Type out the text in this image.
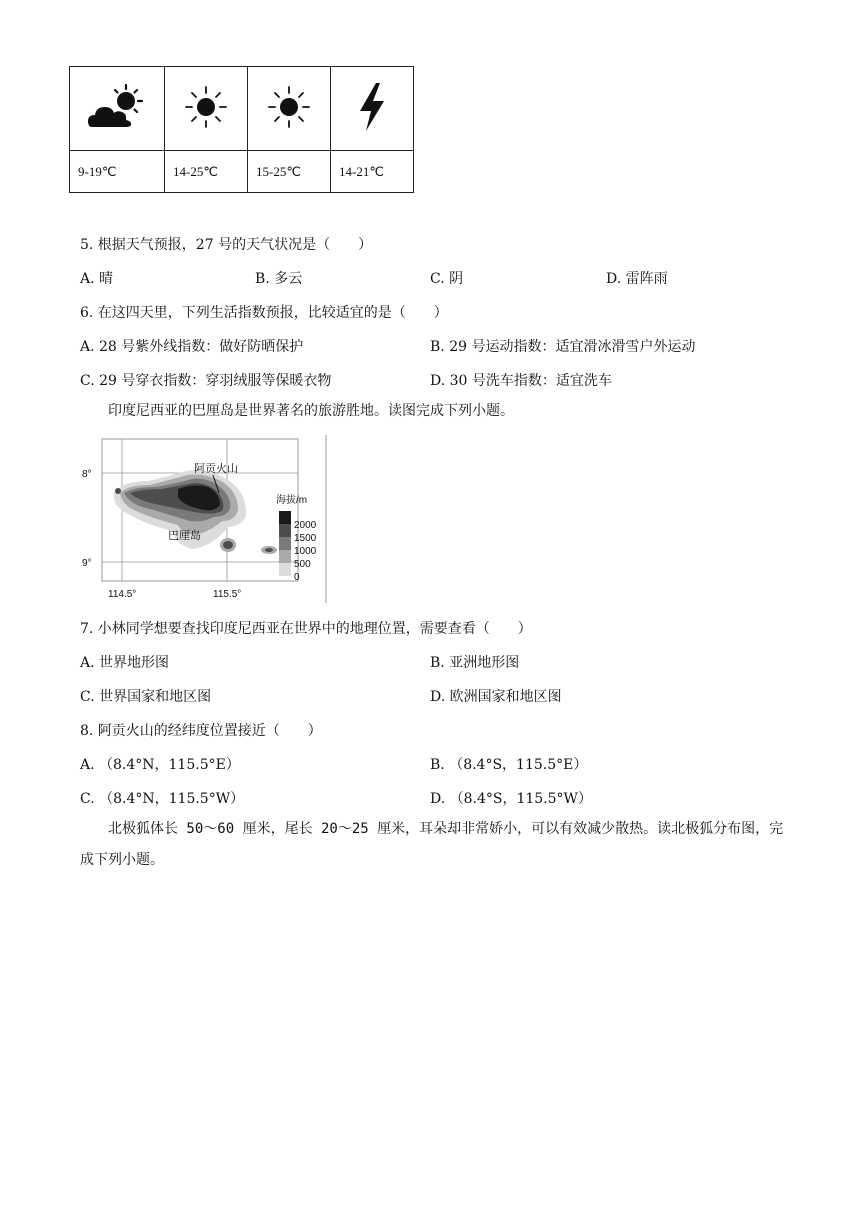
9-19℃	14-25℃	15-25℃	14-21℃
5. 根据天气预报，27 号的天气状况是（　　）
A. 晴	B. 多云	C. 阴	D. 雷阵雨
6. 在这四天里，下列生活指数预报，比较适宜的是（　　）
A. 28 号紫外线指数：做好防晒保护	B. 29 号运动指数：适宜滑冰滑雪户外运动
C. 29 号穿衣指数：穿羽绒服等保暖衣物	D. 30 号洗车指数：适宜洗车
印度尼西亚的巴厘岛是世界著名的旅游胜地。读图完成下列小题。
阿贡火山
巴厘岛
8°
9°
114.5°	115.5°
海拔/m
2000
1500
1000
500
0
7. 小林同学想要查找印度尼西亚在世界中的地理位置，需要查看（　　）
A. 世界地形图	B. 亚洲地形图
C. 世界国家和地区图	D. 欧洲国家和地区图
8. 阿贡火山的经纬度位置接近（　　）
A. （8.4°N，115.5°E）	B. （8.4°S，115.5°E）
C. （8.4°N，115.5°W）	D. （8.4°S，115.5°W）
北极狐体长 50～60 厘米，尾长 20～25 厘米，耳朵却非常娇小，可以有效减少散热。读北极狐分布图，完成下列小题。
